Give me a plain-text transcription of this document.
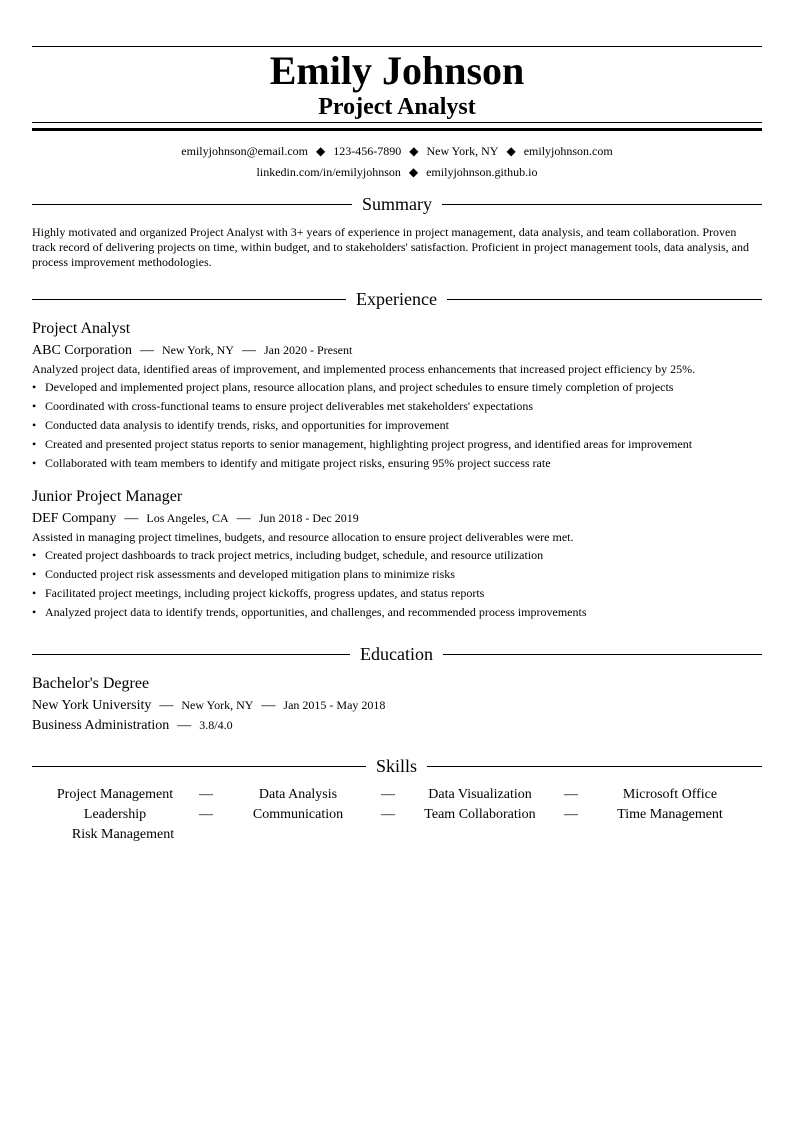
Emily Johnson
Project Analyst
emilyjohnson@email.com ◆ 123-456-7890 ◆ New York, NY ◆ emilyjohnson.com
linkedin.com/in/emilyjohnson ◆ emilyjohnson.github.io
Summary
Highly motivated and organized Project Analyst with 3+ years of experience in project management, data analysis, and team collaboration. Proven track record of delivering projects on time, within budget, and to stakeholders' satisfaction. Proficient in project management tools, data analysis, and process improvement methodologies.
Experience
Project Analyst
ABC Corporation — New York, NY — Jan 2020 - Present
Analyzed project data, identified areas of improvement, and implemented process enhancements that increased project efficiency by 25%.
• Developed and implemented project plans, resource allocation plans, and project schedules to ensure timely completion of projects
• Coordinated with cross-functional teams to ensure project deliverables met stakeholders' expectations
• Conducted data analysis to identify trends, risks, and opportunities for improvement
• Created and presented project status reports to senior management, highlighting project progress, and identified areas for improvement
• Collaborated with team members to identify and mitigate project risks, ensuring 95% project success rate
Junior Project Manager
DEF Company — Los Angeles, CA — Jun 2018 - Dec 2019
Assisted in managing project timelines, budgets, and resource allocation to ensure project deliverables were met.
• Created project dashboards to track project metrics, including budget, schedule, and resource utilization
• Conducted project risk assessments and developed mitigation plans to minimize risks
• Facilitated project meetings, including project kickoffs, progress updates, and status reports
• Analyzed project data to identify trends, opportunities, and challenges, and recommended process improvements
Education
Bachelor's Degree
New York University — New York, NY — Jan 2015 - May 2018
Business Administration — 3.8/4.0
Skills
Project Management	—	Data Analysis	—	Data Visualization	—	Microsoft Office
Leadership	—	Communication	—	Team Collaboration	—	Time Management
Risk Management
